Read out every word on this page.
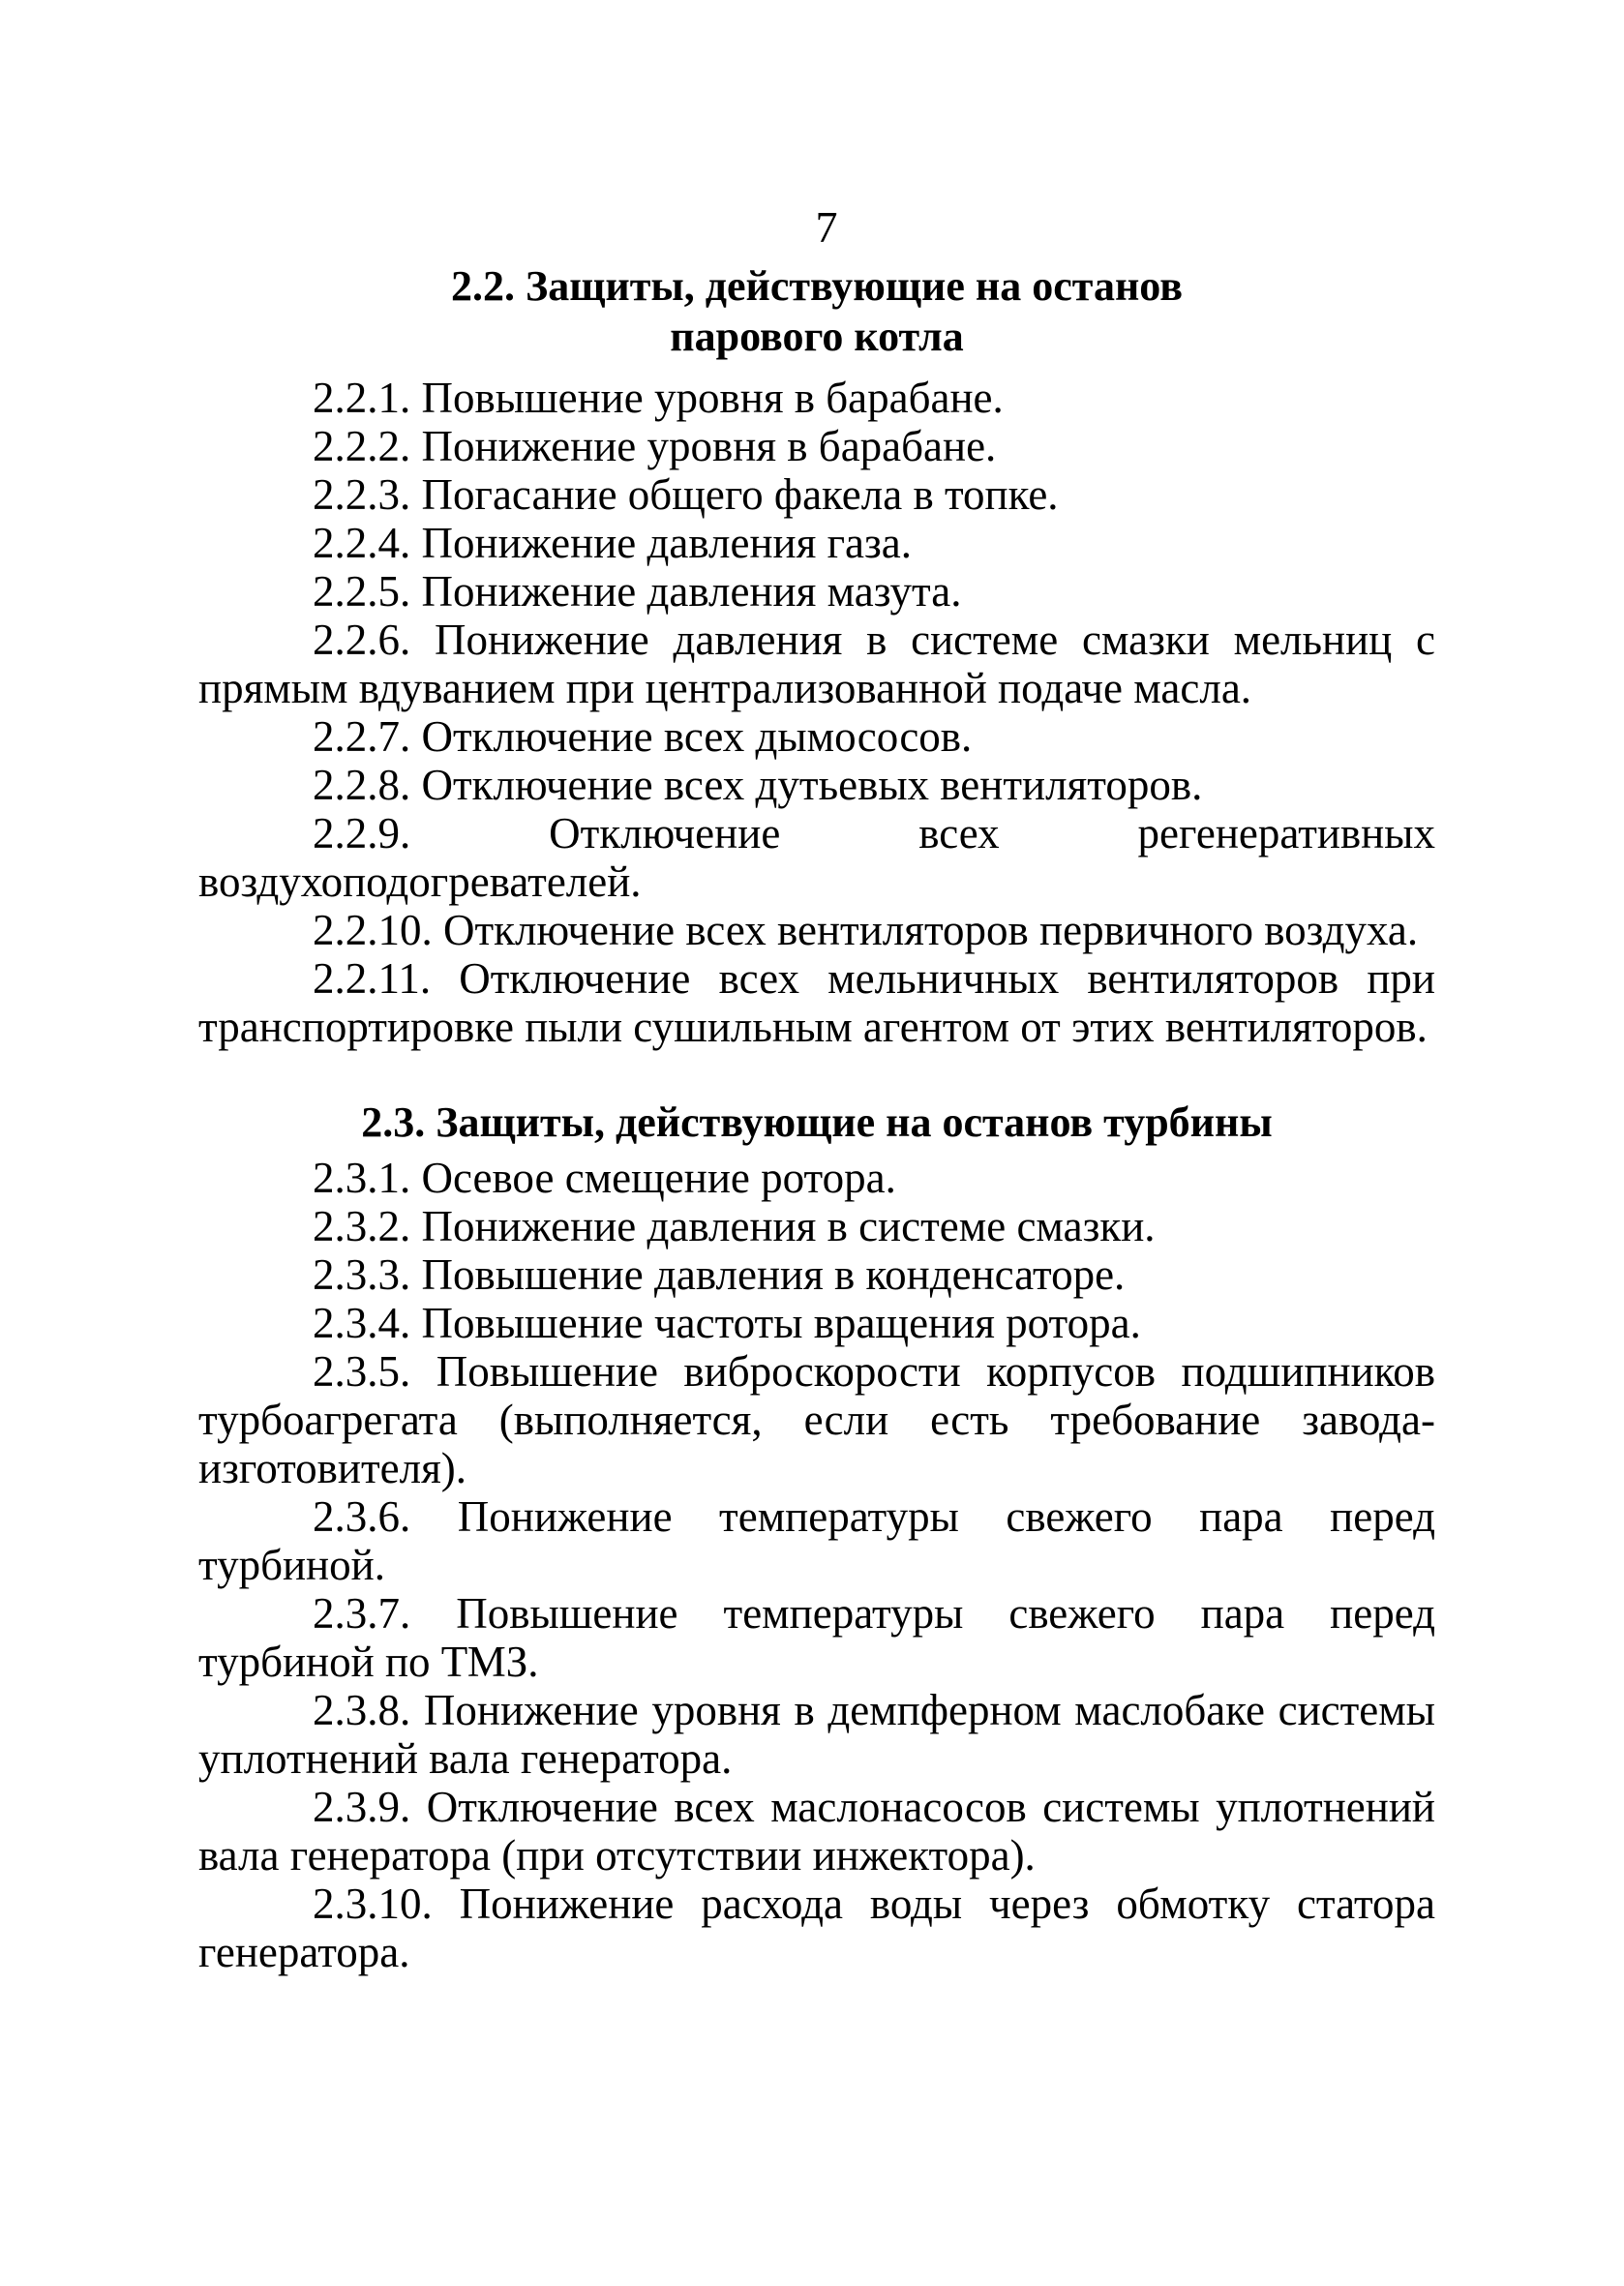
7
2.2. Защиты, действующие на останов
парового котла

2.2.1. Повышение уровня в барабане.

2.2.2. Понижение уровня в барабане.

2.2.3. Погасание общего факела в топке.

2.2.4. Понижение давления газа.

2.2.5. Понижение давления мазута.

2.2.6. Понижение давления в системе смазки мельниц с прямым вдуванием при централизованной подаче масла.

2.2.7. Отключение всех дымососов.

2.2.8. Отключение всех дутьевых вентиляторов.

2.2.9. Отключение всех регенеративных воздухоподогревателей.

2.2.10. Отключение всех вентиляторов первичного воздуха.

2.2.11. Отключение всех мельничных вентиляторов при транспортировке пыли сушильным агентом от этих вентиляторов.

2.3. Защиты, действующие на останов турбины

2.3.1. Осевое смещение ротора.

2.3.2. Понижение давления в системе смазки.

2.3.3. Повышение давления в конденсаторе.

2.3.4. Повышение частоты вращения ротора.

2.3.5. Повышение виброскорости корпусов подшипников турбоагрегата (выполняется, если есть требование завода-изготовителя).

2.3.6. Понижение температуры свежего пара перед турбиной.

2.3.7. Повышение температуры свежего пара перед турбиной по ТМЗ.

2.3.8. Понижение уровня в демпферном маслобаке системы уплотнений вала генератора.

2.3.9. Отключение всех маслонасосов системы уплотнений вала генератора (при отсутствии инжектора).

2.3.10. Понижение расхода воды через обмотку статора генератора.
